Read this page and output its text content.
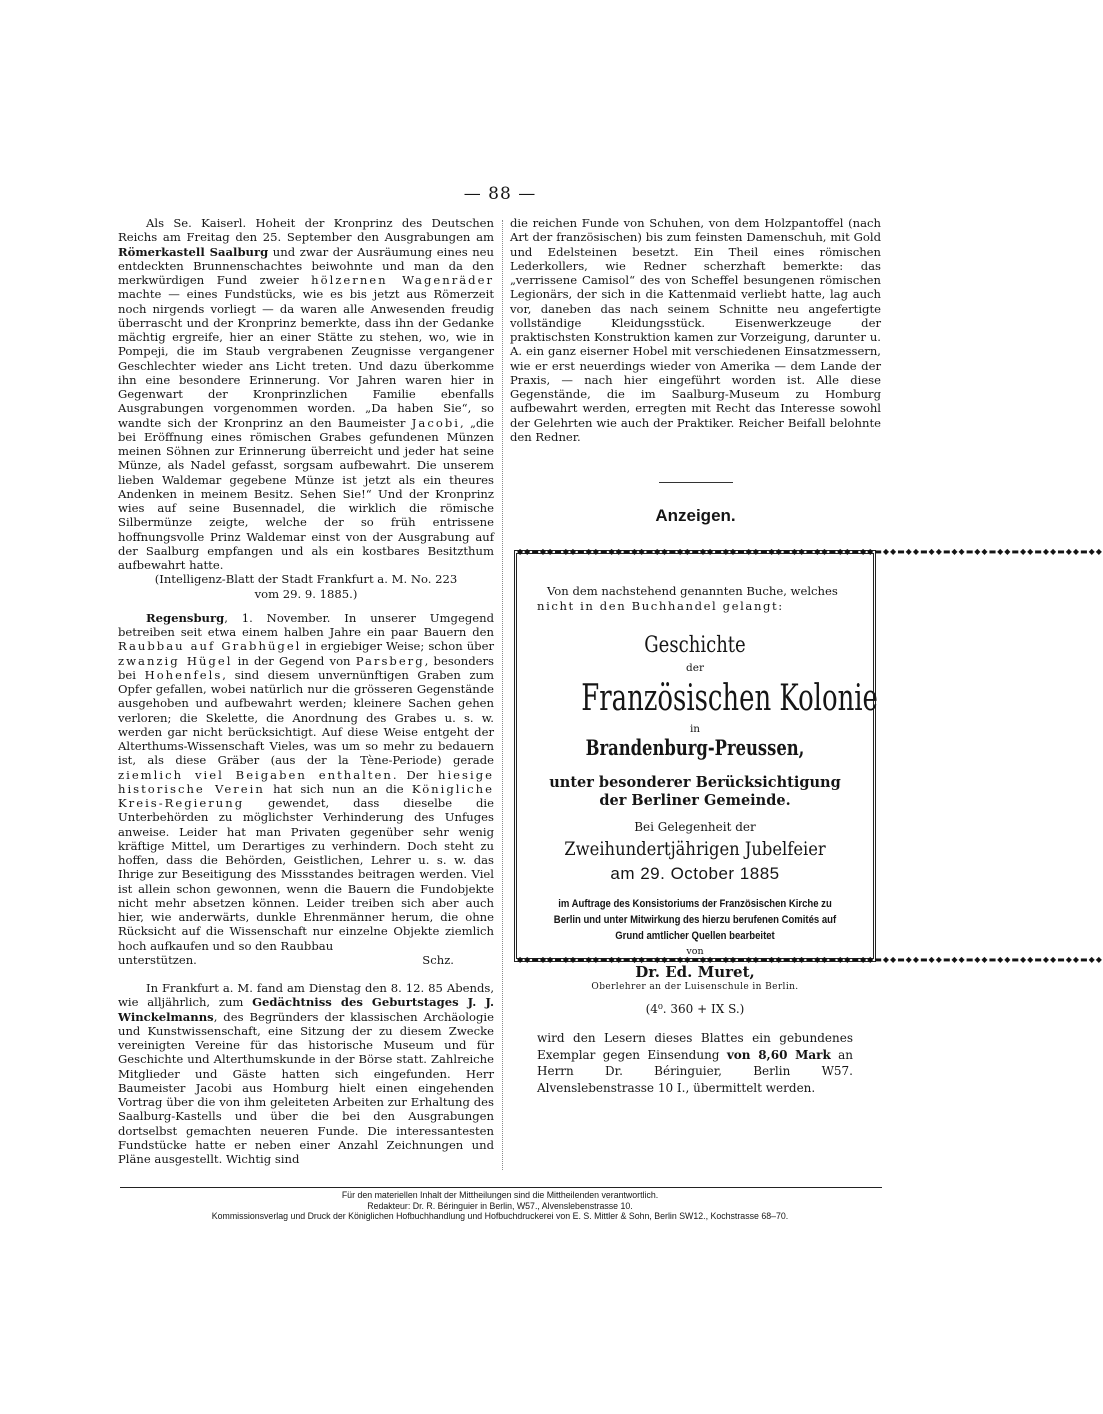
— 88 —

Als Se. Kaiserl. Hoheit der Kronprinz des Deutschen Reichs am Freitag den 25. September den Ausgrabungen am Römerkastell Saalburg und zwar der Ausräumung eines neu entdeckten Brunnenschachtes beiwohnte und man da den merkwürdigen Fund zweier hölzernen Wagenräder machte — eines Fundstücks, wie es bis jetzt aus Römerzeit noch nirgends vorliegt — da waren alle Anwesenden freudig überrascht und der Kronprinz bemerkte, dass ihn der Gedanke mächtig ergreife, hier an einer Stätte zu stehen, wo, wie in Pompeji, die im Staub vergrabenen Zeugnisse vergangener Geschlechter wieder ans Licht treten. Und dazu überkomme ihn eine besondere Erinnerung. Vor Jahren waren hier in Gegenwart der Kronprinzlichen Familie ebenfalls Ausgrabungen vorgenommen worden. „Da haben Sie“, so wandte sich der Kronprinz an den Baumeister Jacobi, „die bei Eröffnung eines römischen Grabes gefundenen Münzen meinen Söhnen zur Erinnerung überreicht und jeder hat seine Münze, als Nadel gefasst, sorgsam aufbewahrt. Die unserem lieben Waldemar gegebene Münze ist jetzt als ein theures Andenken in meinem Besitz. Sehen Sie!“ Und der Kronprinz wies auf seine Busennadel, die wirklich die römische Silbermünze zeigte, welche der so früh entrissene hoffnungsvolle Prinz Waldemar einst von der Ausgrabung auf der Saalburg empfangen und als ein kostbares Besitzthum aufbewahrt hatte.

(Intelligenz-Blatt der Stadt Frankfurt a. M. No. 223

vom 29. 9. 1885.)

Regensburg, 1. November. In unserer Umgegend betreiben seit etwa einem halben Jahre ein paar Bauern den Raubbau auf Grabhügel in ergiebiger Weise; schon über zwanzig Hügel in der Gegend von Parsberg, besonders bei Hohenfels, sind diesem unvernünftigen Graben zum Opfer gefallen, wobei natürlich nur die grösseren Gegenstände ausgehoben und aufbewahrt werden; kleinere Sachen gehen verloren; die Skelette, die Anordnung des Grabes u. s. w. werden gar nicht berücksichtigt. Auf diese Weise entgeht der Alterthums-Wissenschaft Vieles, was um so mehr zu bedauern ist, als diese Gräber (aus der la Tène-Periode) gerade ziemlich viel Beigaben enthalten. Der hiesige historische Verein hat sich nun an die Königliche Kreis-Regierung gewendet, dass dieselbe die Unterbehörden zu möglichster Verhinderung des Unfuges anweise. Leider hat man Privaten gegenüber sehr wenig kräftige Mittel, um Derartiges zu verhindern. Doch steht zu hoffen, dass die Behörden, Geistlichen, Lehrer u. s. w. das Ihrige zur Beseitigung des Missstandes beitragen werden. Viel ist allein schon gewonnen, wenn die Bauern die Fundobjekte nicht mehr absetzen können. Leider treiben sich aber auch hier, wie anderwärts, dunkle Ehrenmänner herum, die ohne Rücksicht auf die Wissenschaft nur einzelne Objekte ziemlich hoch aufkaufen und so den Raubbau

unterstützen.	Schz.

In Frankfurt a. M. fand am Dienstag den 8. 12. 85 Abends, wie alljährlich, zum Gedächtniss des Geburtstages J. J. Winckelmanns, des Begründers der klassischen Archäologie und Kunstwissenschaft, eine Sitzung der zu diesem Zwecke vereinigten Vereine für das historische Museum und für Geschichte und Alterthumskunde in der Börse statt. Zahlreiche Mitglieder und Gäste hatten sich eingefunden. Herr Baumeister Jacobi aus Homburg hielt einen eingehenden Vortrag über die von ihm geleiteten Arbeiten zur Erhaltung des Saalburg-Kastells und über die bei den Ausgrabungen dortselbst gemachten neueren Funde. Die interessantesten Fundstücke hatte er neben einer Anzahl Zeichnungen und Pläne ausgestellt. Wichtig sind

die reichen Funde von Schuhen, von dem Holzpantoffel (nach Art der französischen) bis zum feinsten Damenschuh, mit Gold und Edelsteinen besetzt. Ein Theil eines römischen Lederkollers, wie Redner scherzhaft bemerkte: das „verrissene Camisol“ des von Scheffel besungenen römischen Legionärs, der sich in die Kattenmaid verliebt hatte, lag auch vor, daneben das nach seinem Schnitte neu angefertigte vollständige Kleidungsstück. Eisenwerkzeuge der praktischsten Konstruktion kamen zur Vorzeigung, darunter u. A. ein ganz eiserner Hobel mit verschiedenen Einsatzmessern, wie er erst neuerdings wieder von Amerika — dem Lande der Praxis, — nach hier eingeführt worden ist. Alle diese Gegenstände, die im Saalburg-Museum zu Homburg aufbewahrt werden, erregten mit Recht das Interesse sowohl der Gelehrten wie auch der Praktiker. Reicher Beifall belohnte den Redner.

Anzeigen.
◆◆▬◆◆▬◆◆▬◆◆▬◆◆▬◆◆▬◆◆▬◆◆▬◆◆▬◆◆▬◆◆▬◆◆▬◆◆▬◆◆▬◆◆▬◆◆▬◆◆▬◆◆▬◆◆▬◆◆▬◆◆▬◆◆▬◆◆▬◆◆▬◆◆▬◆◆
Von dem nachstehend genannten Buche, welches nicht in den Buchhandel gelangt:
Geschichte
der
Französischen Kolonie
in
Brandenburg-Preussen,
unter besonderer Berücksichtigung der Berliner Gemeinde.
Bei Gelegenheit der
Zweihundertjährigen Jubelfeier
am 29. October 1885
im Auftrage des Konsistoriums der Französischen Kirche zu Berlin und unter Mitwirkung des hierzu berufenen Comités auf Grund amtlicher Quellen bearbeitet
von
Dr. Ed. Muret,
Oberlehrer an der Luisenschule in Berlin.
(4⁰. 360 + IX S.)
wird den Lesern dieses Blattes ein gebundenes Exemplar gegen Einsendung von 8,60 Mark an Herrn Dr. Béringuier, Berlin W57. Alvenslebenstrasse 10 I., übermittelt werden.
◆◆▬◆◆▬◆◆▬◆◆▬◆◆▬◆◆▬◆◆▬◆◆▬◆◆▬◆◆▬◆◆▬◆◆▬◆◆▬◆◆▬◆◆▬◆◆▬◆◆▬◆◆▬◆◆▬◆◆▬◆◆▬◆◆▬◆◆▬◆◆▬◆◆▬◆◆
Für den materiellen Inhalt der Mittheilungen sind die Mittheilenden verantwortlich.
Redakteur: Dr. R. Béringuier in Berlin, W57., Alvenslebenstrasse 10.
Kommissionsverlag und Druck der Königlichen Hofbuchhandlung und Hofbuchdruckerei von E. S. Mittler & Sohn, Berlin SW12., Kochstrasse 68–70.
